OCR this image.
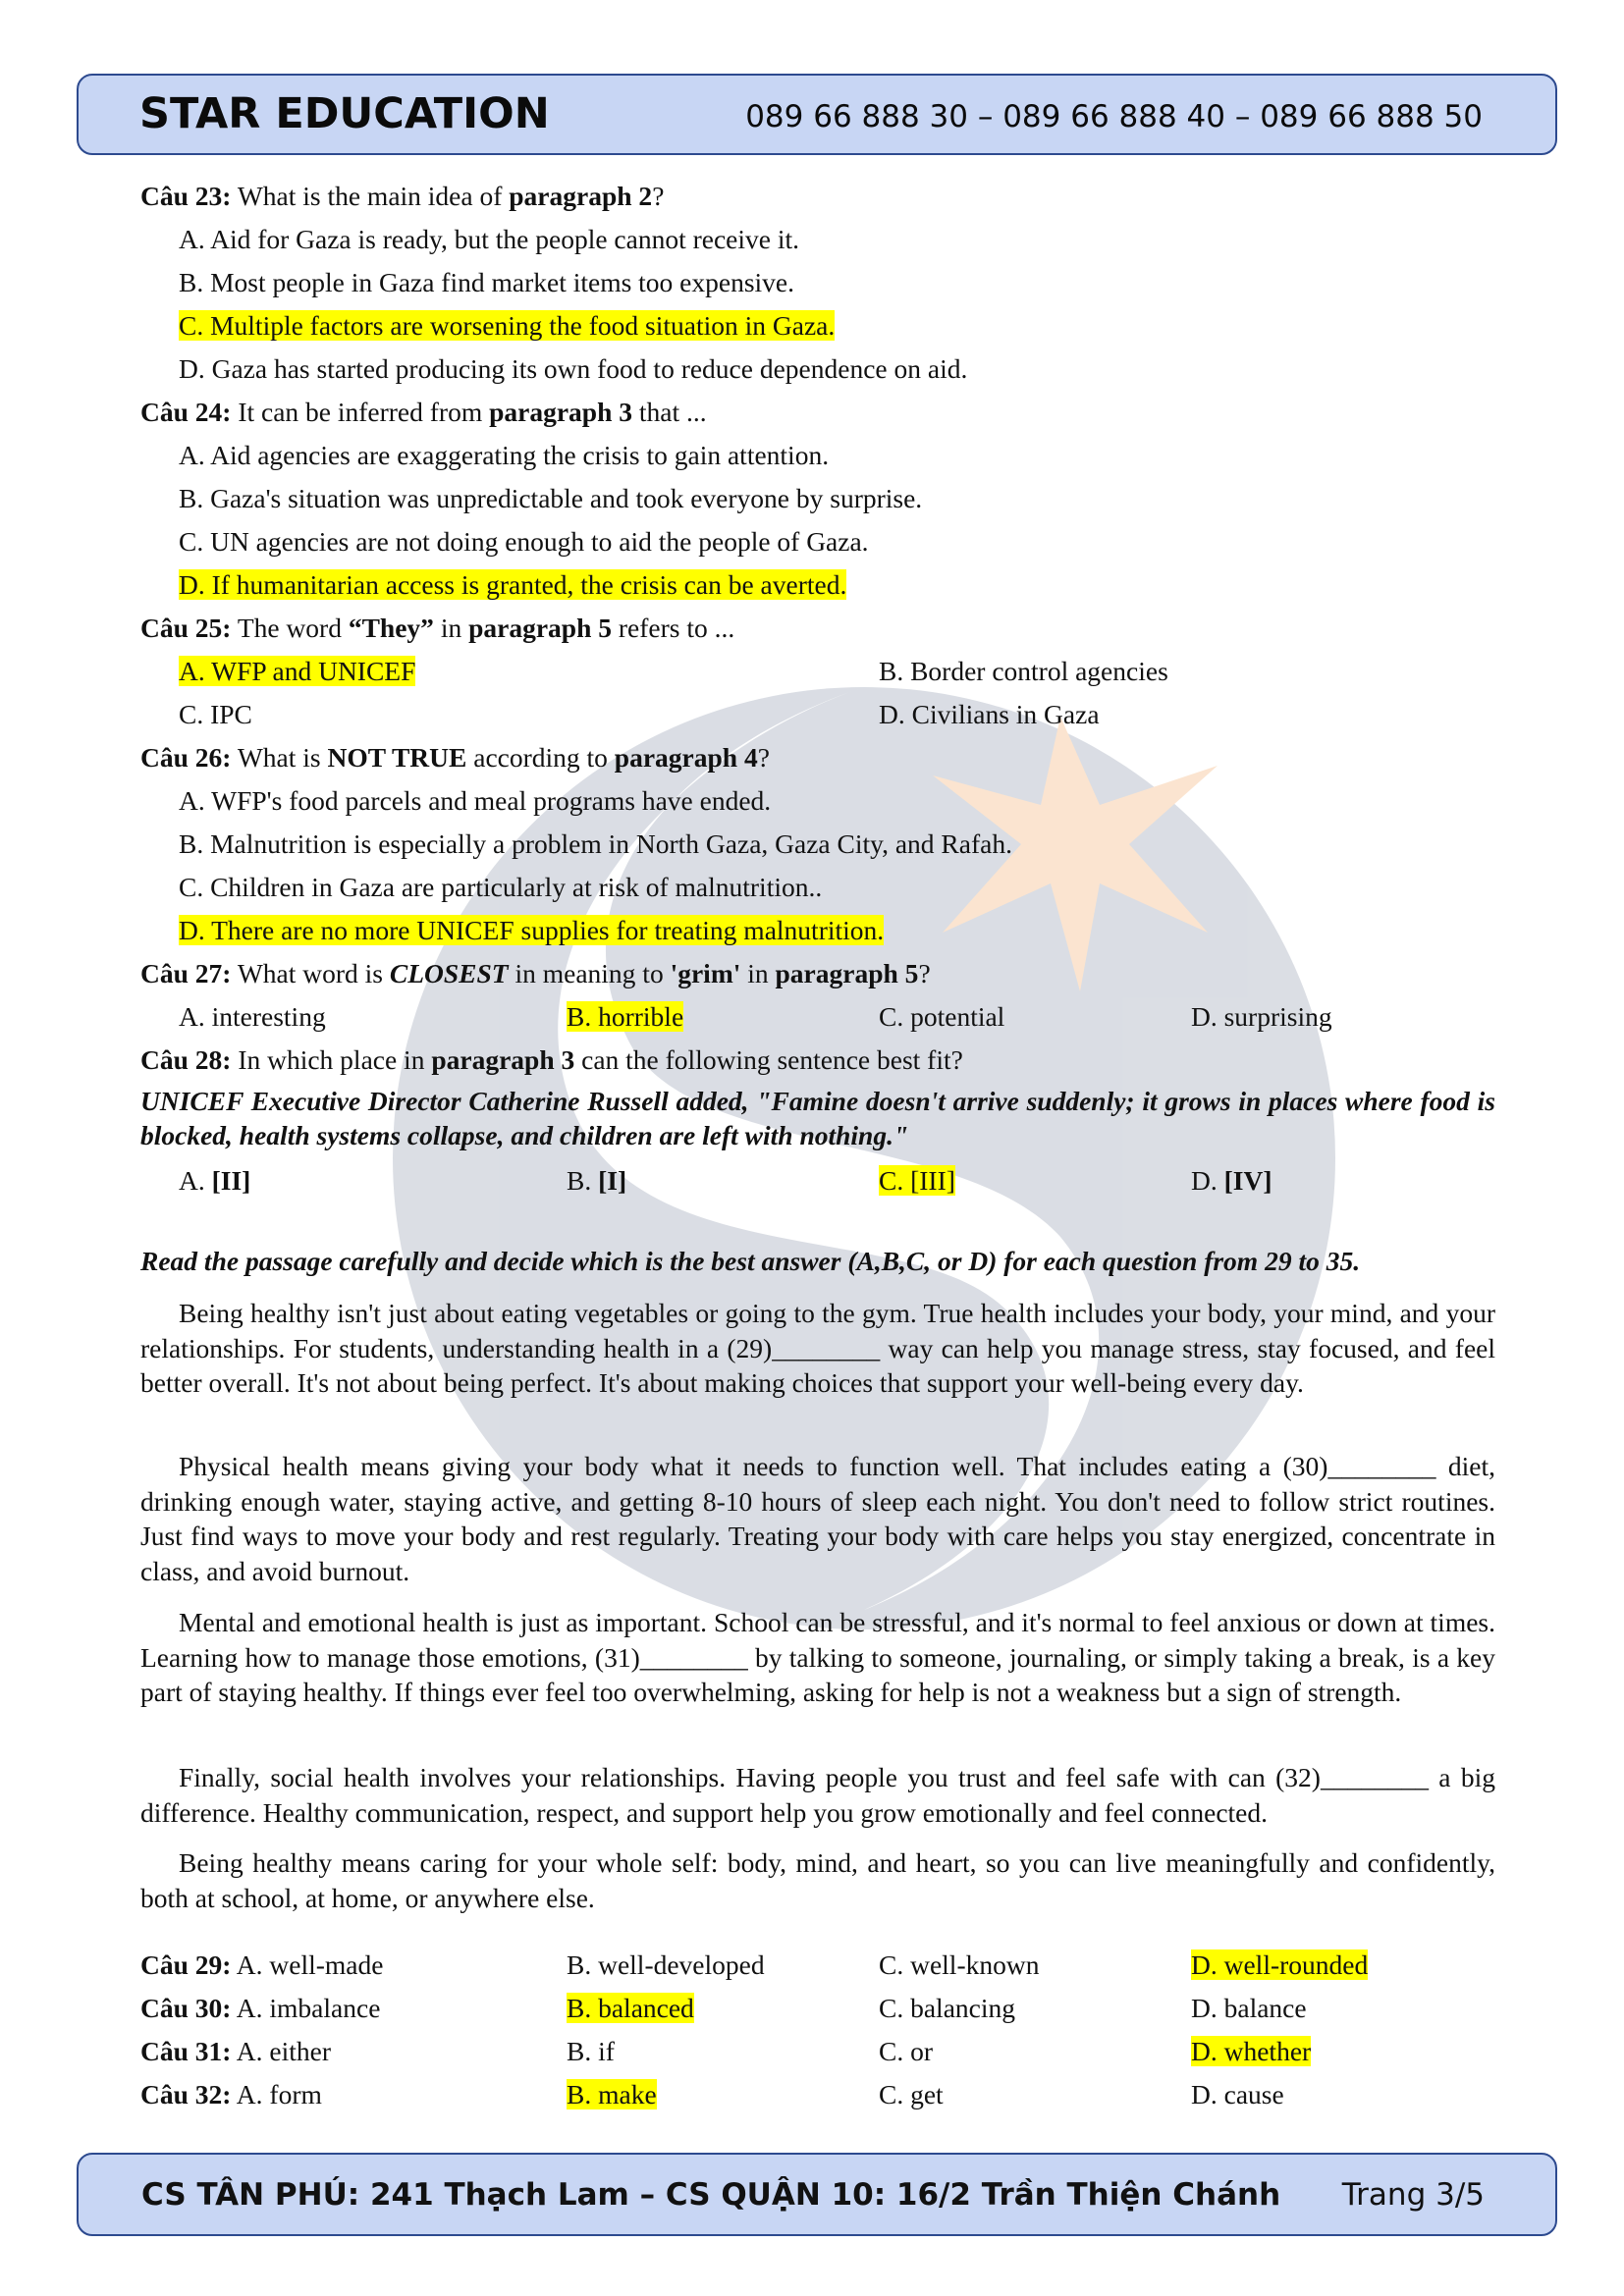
STAR EDUCATION	089 66 888 30 – 089 66 888 40 – 089 66 888 50
Câu 23: What is the main idea of paragraph 2?
A. Aid for Gaza is ready, but the people cannot receive it.
B. Most people in Gaza find market items too expensive.
C. Multiple factors are worsening the food situation in Gaza.
D. Gaza has started producing its own food to reduce dependence on aid.
Câu 24: It can be inferred from paragraph 3 that ...
A. Aid agencies are exaggerating the crisis to gain attention.
B. Gaza's situation was unpredictable and took everyone by surprise.
C. UN agencies are not doing enough to aid the people of Gaza.
D. If humanitarian access is granted, the crisis can be averted.
Câu 25: The word “They” in paragraph 5 refers to ...
A. WFP and UNICEF	B. Border control agencies
C. IPC	D. Civilians in Gaza
Câu 26: What is NOT TRUE according to paragraph 4?
A. WFP's food parcels and meal programs have ended.
B. Malnutrition is especially a problem in North Gaza, Gaza City, and Rafah.
C. Children in Gaza are particularly at risk of malnutrition..
D. There are no more UNICEF supplies for treating malnutrition.
Câu 27: What word is CLOSEST in meaning to 'grim' in paragraph 5?
A. interesting	B. horrible	C. potential	D. surprising
Câu 28: In which place in paragraph 3 can the following sentence best fit?
UNICEF Executive Director Catherine Russell added, "Famine doesn't arrive suddenly; it grows in places where food is blocked, health systems collapse, and children are left with nothing."
A. [II]	B. [I]	C. [III]	D. [IV]
Read the passage carefully and decide which is the best answer (A,B,C, or D) for each question from 29 to 35.
Being healthy isn't just about eating vegetables or going to the gym. True health includes your body, your mind, and your relationships. For students, understanding health in a (29)________ way can help you manage stress, stay focused, and feel better overall. It's not about being perfect. It's about making choices that support your well-being every day.
Physical health means giving your body what it needs to function well. That includes eating a (30)________ diet, drinking enough water, staying active, and getting 8-10 hours of sleep each night. You don't need to follow strict routines. Just find ways to move your body and rest regularly. Treating your body with care helps you stay energized, concentrate in class, and avoid burnout.
Mental and emotional health is just as important. School can be stressful, and it's normal to feel anxious or down at times. Learning how to manage those emotions, (31)________ by talking to someone, journaling, or simply taking a break, is a key part of staying healthy. If things ever feel too overwhelming, asking for help is not a weakness but a sign of strength.
Finally, social health involves your relationships. Having people you trust and feel safe with can (32)________ a big difference. Healthy communication, respect, and support help you grow emotionally and feel connected.
Being healthy means caring for your whole self: body, mind, and heart, so you can live meaningfully and confidently, both at school, at home, or anywhere else.
Câu 29: A. well-made	B. well-developed	C. well-known	D. well-rounded
Câu 30: A. imbalance	B. balanced	C. balancing	D. balance
Câu 31: A. either	B. if	C. or	D. whether
Câu 32: A. form	B. make	C. get	D. cause
CS TÂN PHÚ: 241 Thạch Lam – CS QUẬN 10: 16/2 Trần Thiện Chánh Trang 3/5
